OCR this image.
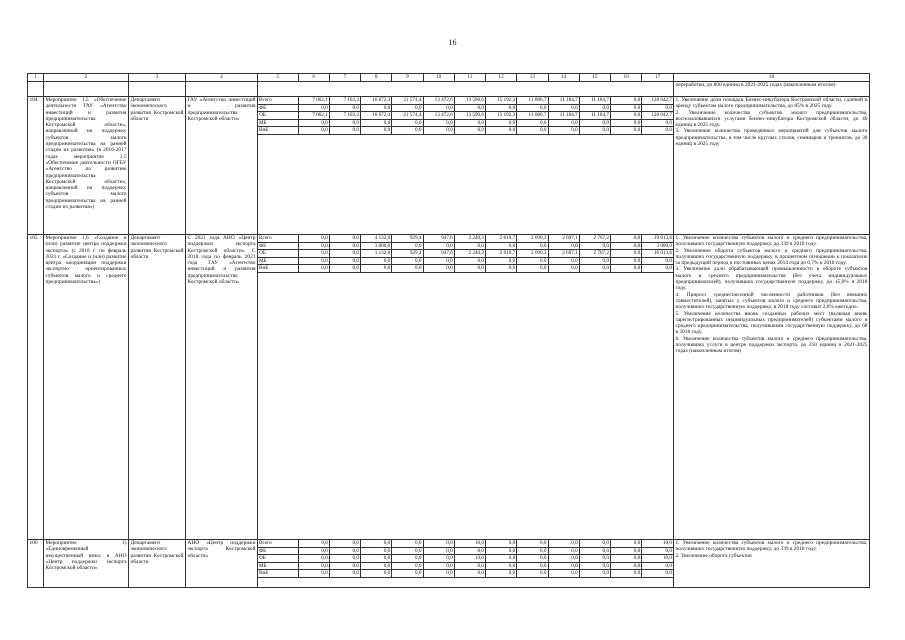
16
1	2	3	4		5	6	7	8	9	10	11	12	13	14	15	16	17
		18
					переработки, до 800 единиц в 2021-2025 годах (накопленным итогом)
104	Мероприятие 1.5 «Обеспечение деятельности ГАУ «Агентство инвестиций и развития предпринимательства Костромской области», направленной на поддержку субъектов малого предпринимательства на ранней стадии их развития» (в 2016-2017 годах мероприятие 1.5 «Обеспечение деятельности ОГБУ «Агентство по развитию предпринимательства Костромской области», направленной на поддержку субъектов малого предпринимательства на ранней стадии их развития»)	Департамент экономического развития Костромской области	ГАУ «Агентство инвестиций и развития предпринимательства Костромской области»	
Всего	7 062,1	7 102,3	16 672,3	21 574,4	13 472,6	13 590,6	15 192,3	11 086,7	11 184,7	11 184,7	0,0	128 042,7
ФБ	0,0	0,0	0,0	0,0	0,0	0,0	0,0	0,0	0,0	0,0	0,0	0,0
ОБ	7 062,1	7 102,3	16 672,3	21 574,4	13 472,6	13 590,6	15 192,3	11 086,7	11 184,7	11 184,7	0,0	128 042,7
МБ	0,0	0,0	0,0	0,0	0,0	0,0	0,0	0,0	0,0	0,0	0,0	0,0
ВнБ	0,0	0,0	0,0	0,0	0,0	0,0	0,0	0,0	0,0	0,0	0,0	0,0
	1. Увеличение доли площади Бизнес-инкубатора Костромской области, сданной в аренду субъектам малого предпринимательства, до 85% в 2025 году.
2. Увеличение количества субъектов малого предпринимательства, воспользовавшихся услугами Бизнес-инкубатора Костромской области, до 40 единиц в 2025 году.
3. Увеличение количества проведенных мероприятий для субъектов малого предпринимательства, в том числе круглых столов, семинаров и тренингов, до 30 единиц в 2025 году
105	Мероприятие 1.6 «Создание и (или) развитие центра поддержки экспорта» (с 2018 г. по февраль 2021 г. «Создание и (или) развитие центра координации поддержки экспортно ориентированных субъектов малого и среднего предпринимательства»)	Департамент экономического развития Костромской области	С 2021 года АНО «Центр поддержки экспорта Костромской области». С 2018 года по февраль 2021 года ГАУ «Агентство инвестиций и развития предпринимательства Костромской области»	
Всего	0,0	0,0	4 132,0	929,4	947,6	2 240,3	2 619,7	2 690,3	2 697,1	2 767,2	0,0	19 013,6
ФБ	0,0	0,0	3 000,0	0,0	0,0	0,0	0,0	0,0	0,0	0,0	0,0	3 000,0
ОБ	0,0	0,0	1 132,0	929,4	947,6	2 240,3	2 619,7	2 690,3	2 697,1	2 767,2	0,0	16 013,6
МБ	0,0	0,0	0,0	0,0	0,0	0,0	0,0	0,0	0,0	0,0	0,0	0,0
ВнБ	0,0	0,0	0,0	0,0	0,0	0,0	0,0	0,0	0,0	0,0	0,0	0,0
	1. Увеличение количества субъектов малого и среднего предпринимательства, получивших государственную поддержку, до 339 в 2018 году.
2. Увеличение оборота субъектов малого и среднего предпринимательства, получивших государственную поддержку, в процентном отношении к показателю за предыдущий период в постоянных ценах 2014 года до 6,7% к 2018 году.
3. Увеличение доли обрабатывающей промышленности в обороте субъектов малого и среднего предпринимательства (без учета индивидуальных предпринимателей), получивших государственную поддержку, до 15,0% в 2018 году.
4. Прирост среднесписочной численности работников (без внешних совместителей), занятых у субъектов малого и среднего предпринимательства, получивших государственную поддержку, в 2018 году составит 2,0% ежегодно.
5. Увеличение количества вновь созданных рабочих мест (включая вновь зарегистрированных индивидуальных предпринимателей) субъектами малого и среднего предпринимательства, получившими государственную поддержку, до 68 в 2018 году.
6. Увеличение количества субъектов малого и среднего предпринимательства, получивших услуги в центре поддержки экспорта, до 250 единиц в 2021-2025 годах (накопленным итогом)
106	Мероприятие 1) «Единовременный имущественный взнос в АНО «Центр поддержки экспорта Костромской области»	Департамент экономического развития Костромской области	АНО «Центр поддержки экспорта Костромской области»	
Всего	0,0	0,0	0,0	0,0	0,0	10,0	0,0	0,0	0,0	0,0	0,0	10,0
ФБ	0,0	0,0	0,0	0,0	0,0	0,0	0,0	0,0	0,0	0,0	0,0	0,0
ОБ	0,0	0,0	0,0	0,0	0,0	10,0	0,0	0,0	0,0	0,0	0,0	10,0
МБ	0,0	0,0	0,0	0,0	0,0	0,0	0,0	0,0	0,0	0,0	0,0	0,0
ВнБ	0,0	0,0	0,0	0,0	0,0	0,0	0,0	0,0	0,0	0,0	0,0	0,0
	1. Увеличение количества субъектов малого и среднего предпринимательства, получивших государственную поддержку, до 339 в 2018 году.
2. Увеличение оборота субъектов
